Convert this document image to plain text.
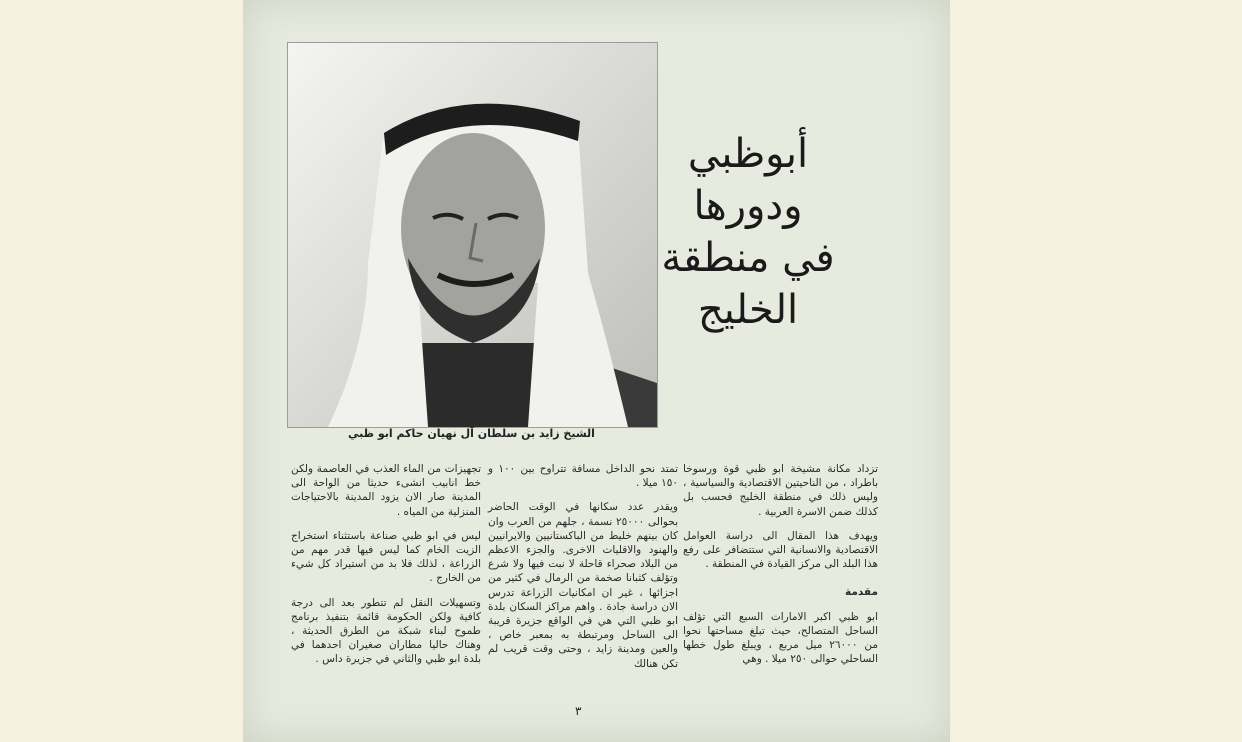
الشيخ زايد بن سلطان آل نهيان حاكم ابو ظبي
أبوظبي
ودورها
في منطقة
الخليج

تزداد مكانة مشيخة ابو ظبي قوة ورسوخا باطراد ، من الناحيتين الاقتصادية والسياسية ، وليس ذلك في منطقة الخليج فحسب بل كذلك ضمن الاسرة العربية .

ويهدف هذا المقال الى دراسة العوامل الاقتصادية والانسانية التي ستتضافر على رفع هذا البلد الى مركز القيادة في المنطقة .

مقدمة

ابو ظبي اكبر الامارات السبع التي تؤلف الساحل المتصالح، حيث تبلغ مساحتها نحوا من ٢٦٠٠٠ ميل مربع ، ويبلغ طول خطها الساحلي حوالى ٢٥٠ ميلا . وهي

تمتد نحو الداخل مسافة تتراوح بين ١٠٠ و ١٥٠ ميلا .

ويقدر عدد سكانها في الوقت الحاضر بحوالى ٢٥٠٠٠ نسمة ، جلهم من العرب وان كان بينهم خليط من الباكستانيين والايرانيين والهنود والاقليات الاخرى. والجزء الاعظم من البلاد صحراء قاحلة لا نبت فيها ولا شرع وتؤلف كثبانا صخمة من الرمال في كثير من اجزائها ، غير ان امكانيات الزراعة تدرس الان دراسة جادة . واهم مراكز السكان بلدة ابو ظبي التي هي في الواقع جزيرة قريبة الى الساحل ومرتبطة به بمعبر خاص ، والعين ومدينة زايد ، وحتى وقت قريب لم تكن هنالك

تجهيزات من الماء العذب في العاصمة ولكن خط انابيب انشىء حديثا من الواحة الى المدينة صار الان يزود المدينة بالاحتياجات المنزلية من المياه .

ليس في ابو ظبي صناعة باستثناء استخراج الزيت الخام كما ليس فيها قدر مهم من الزراعة ، لذلك فلا بد من استيراد كل شيء من الخارج .

وتسهيلات النقل لم تتطور بعد الى درجة كافية ولكن الحكومة قائمة بتنفيذ برنامج طموح لبناء شبكة من الطرق الحديثة ، وهناك حاليا مطاران صغيران احدهما في بلدة ابو ظبي والثاني في جزيرة داس .

٣
